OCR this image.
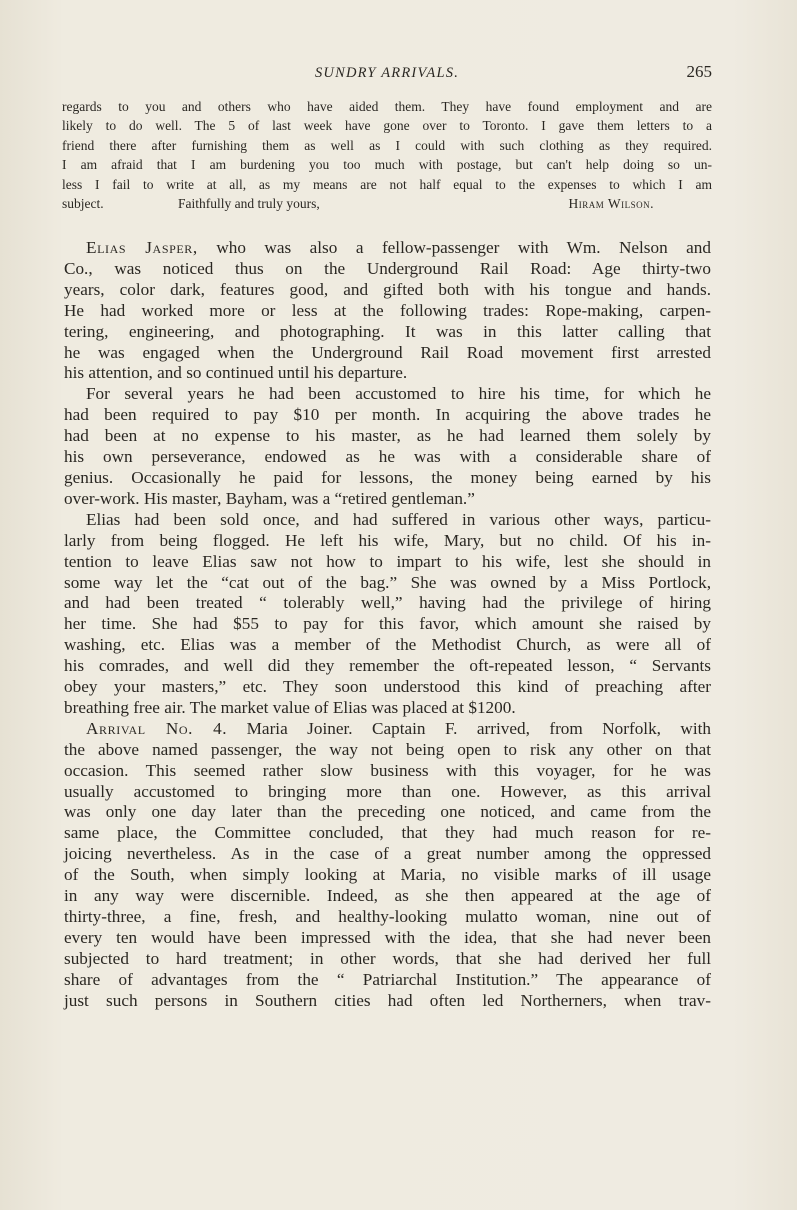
SUNDRY ARRIVALS.	265
regards to you and others who have aided them. They have found employment and are
likely to do well. The 5 of last week have gone over to Toronto. I gave them letters to a
friend there after furnishing them as well as I could with such clothing as they required.
I am afraid that I am burdening you too much with postage, but can't help doing so un-
less I fail to write at all, as my means are not half equal to the expenses to which I am
subject.	Faithfully and truly yours,	Hiram Wilson.

Elias Jasper, who was also a fellow-passenger with Wm. Nelson and
Co., was noticed thus on the Underground Rail Road: Age thirty-two
years, color dark, features good, and gifted both with his tongue and hands.
He had worked more or less at the following trades: Rope-making, carpen-
tering, engineering, and photographing. It was in this latter calling that
he was engaged when the Underground Rail Road movement first arrested
his attention, and so continued until his departure.

For several years he had been accustomed to hire his time, for which he
had been required to pay $10 per month. In acquiring the above trades he
had been at no expense to his master, as he had learned them solely by
his own perseverance, endowed as he was with a considerable share of
genius. Occasionally he paid for lessons, the money being earned by his
over-work. His master, Bayham, was a “retired gentleman.”

Elias had been sold once, and had suffered in various other ways, particu-
larly from being flogged. He left his wife, Mary, but no child. Of his in-
tention to leave Elias saw not how to impart to his wife, lest she should in
some way let the “cat out of the bag.” She was owned by a Miss Portlock,
and had been treated “ tolerably well,” having had the privilege of hiring
her time. She had $55 to pay for this favor, which amount she raised by
washing, etc. Elias was a member of the Methodist Church, as were all of
his comrades, and well did they remember the oft-repeated lesson, “ Servants
obey your masters,” etc. They soon understood this kind of preaching after
breathing free air. The market value of Elias was placed at $1200.

Arrival No. 4. Maria Joiner. Captain F. arrived, from Norfolk, with
the above named passenger, the way not being open to risk any other on that
occasion. This seemed rather slow business with this voyager, for he was
usually accustomed to bringing more than one. However, as this arrival
was only one day later than the preceding one noticed, and came from the
same place, the Committee concluded, that they had much reason for re-
joicing nevertheless. As in the case of a great number among the oppressed
of the South, when simply looking at Maria, no visible marks of ill usage
in any way were discernible. Indeed, as she then appeared at the age of
thirty-three, a fine, fresh, and healthy-looking mulatto woman, nine out of
every ten would have been impressed with the idea, that she had never been
subjected to hard treatment; in other words, that she had derived her full
share of advantages from the “ Patriarchal Institution.” The appearance of
just such persons in Southern cities had often led Northerners, when trav-
